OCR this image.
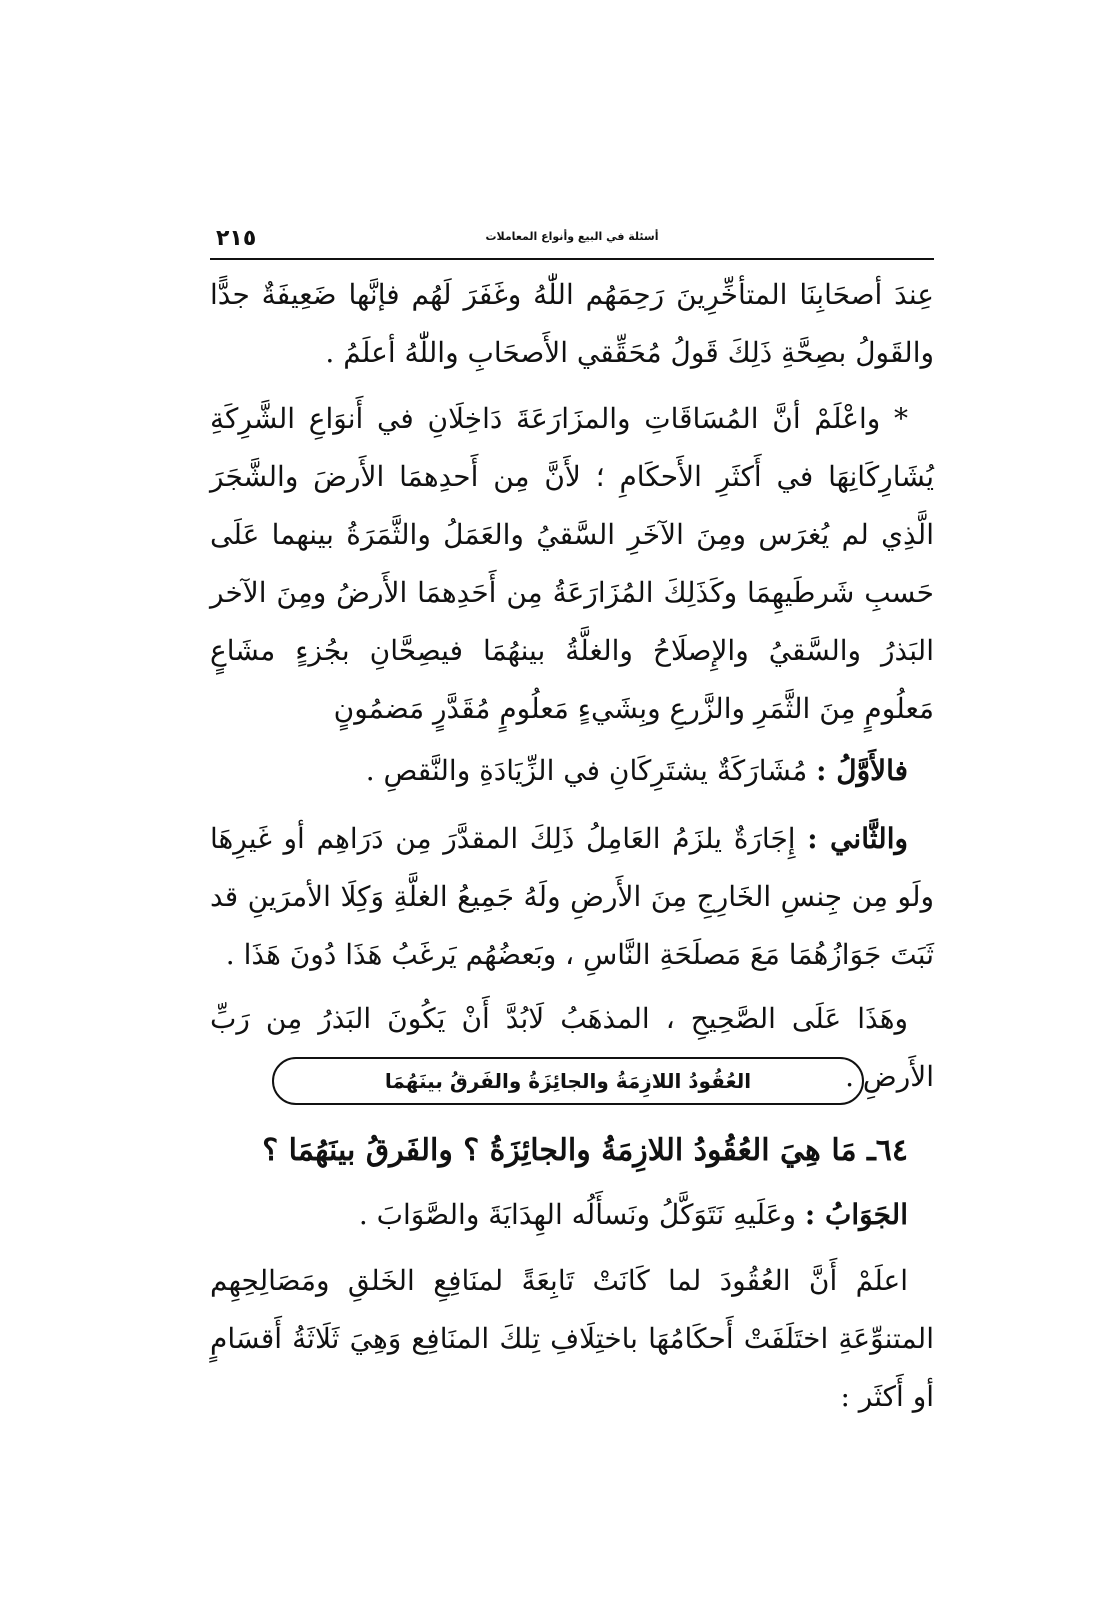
٢١٥	أسئلة في البيع وأنواع المعاملات

عِندَ أصحَابِنَا المتأخِّرِينَ رَحِمَهُم اللّٰهُ وغَفَرَ لَهُم فإنَّها ضَعِيفَةٌ جدًّا والقَولُ بصِحَّةِ ذَلِكَ قَولُ مُحَقِّقي الأَصحَابِ واللّٰهُ أعلَمُ .

* واعْلَمْ أنَّ المُسَاقَاتِ والمزَارَعَةَ دَاخِلَانِ في أَنوَاعِ الشَّرِكَةِ يُشَارِكَانِهَا في أَكثَرِ الأَحكَامِ ؛ لأَنَّ مِن أَحدِهمَا الأَرضَ والشَّجَرَ الَّذِي لم يُغرَس ومِنَ الآخَرِ السَّقيُ والعَمَلُ والثَّمَرَةُ بينهما عَلَى حَسبِ شَرطَيهِمَا وكَذَلِكَ المُزَارَعَةُ مِن أَحَدِهمَا الأَرضُ ومِنَ الآخر البَذرُ والسَّقيُ والإِصلَاحُ والغلَّةُ بينهُمَا فيصِحَّانِ بجُزءٍ مشَاعٍ مَعلُومٍ مِنَ الثَّمَرِ والزَّرعِ وبِشَيءٍ مَعلُومٍ مُقَدَّرٍ مَضمُونٍ

فالأَوَّلُ : مُشَارَكَةٌ يشتَرِكَانِ في الزِّيَادَةِ والنَّقصِ .

والثَّاني : إِجَارَةٌ يلزَمُ العَامِلُ ذَلِكَ المقدَّرَ مِن دَرَاهِم أو غَيرِهَا ولَو مِن جِنسِ الخَارِجِ مِنَ الأَرضِ ولَهُ جَمِيعُ الغلَّةِ وَكِلَا الأمرَينِ قد ثَبَتَ جَوَازُهُمَا مَعَ مَصلَحَةِ النَّاسِ ، وبَعضُهُم يَرغَبُ هَذَا دُونَ هَذَا .

وهَذَا عَلَى الصَّحِيحِ ، المذهَبُ لَابُدَّ أَنْ يَكُونَ البَذرُ مِن رَبِّ الأَرضِ .

العُقُودُ اللازِمَةُ والجائِزَةُ والفَرقُ بينَهُمَا
٦٤ـ مَا هِيَ العُقُودُ اللازِمَةُ والجائِزَةُ ؟ والفَرقُ بينَهُمَا ؟

الجَوَابُ : وعَلَيهِ نَتَوَكَّلُ ونَسأَلُه الهِدَايَةَ والصَّوَابَ .

اعلَمْ أَنَّ العُقُودَ لما كَانَتْ تَابِعَةً لمنَافِعِ الخَلقِ ومَصَالِحِهِم المتنوِّعَةِ اختَلَفَتْ أَحكَامُهَا باختِلَافِ تِلكَ المنَافِع وَهِيَ ثَلَاثَةُ أَقسَامٍ أو أَكثَر :
